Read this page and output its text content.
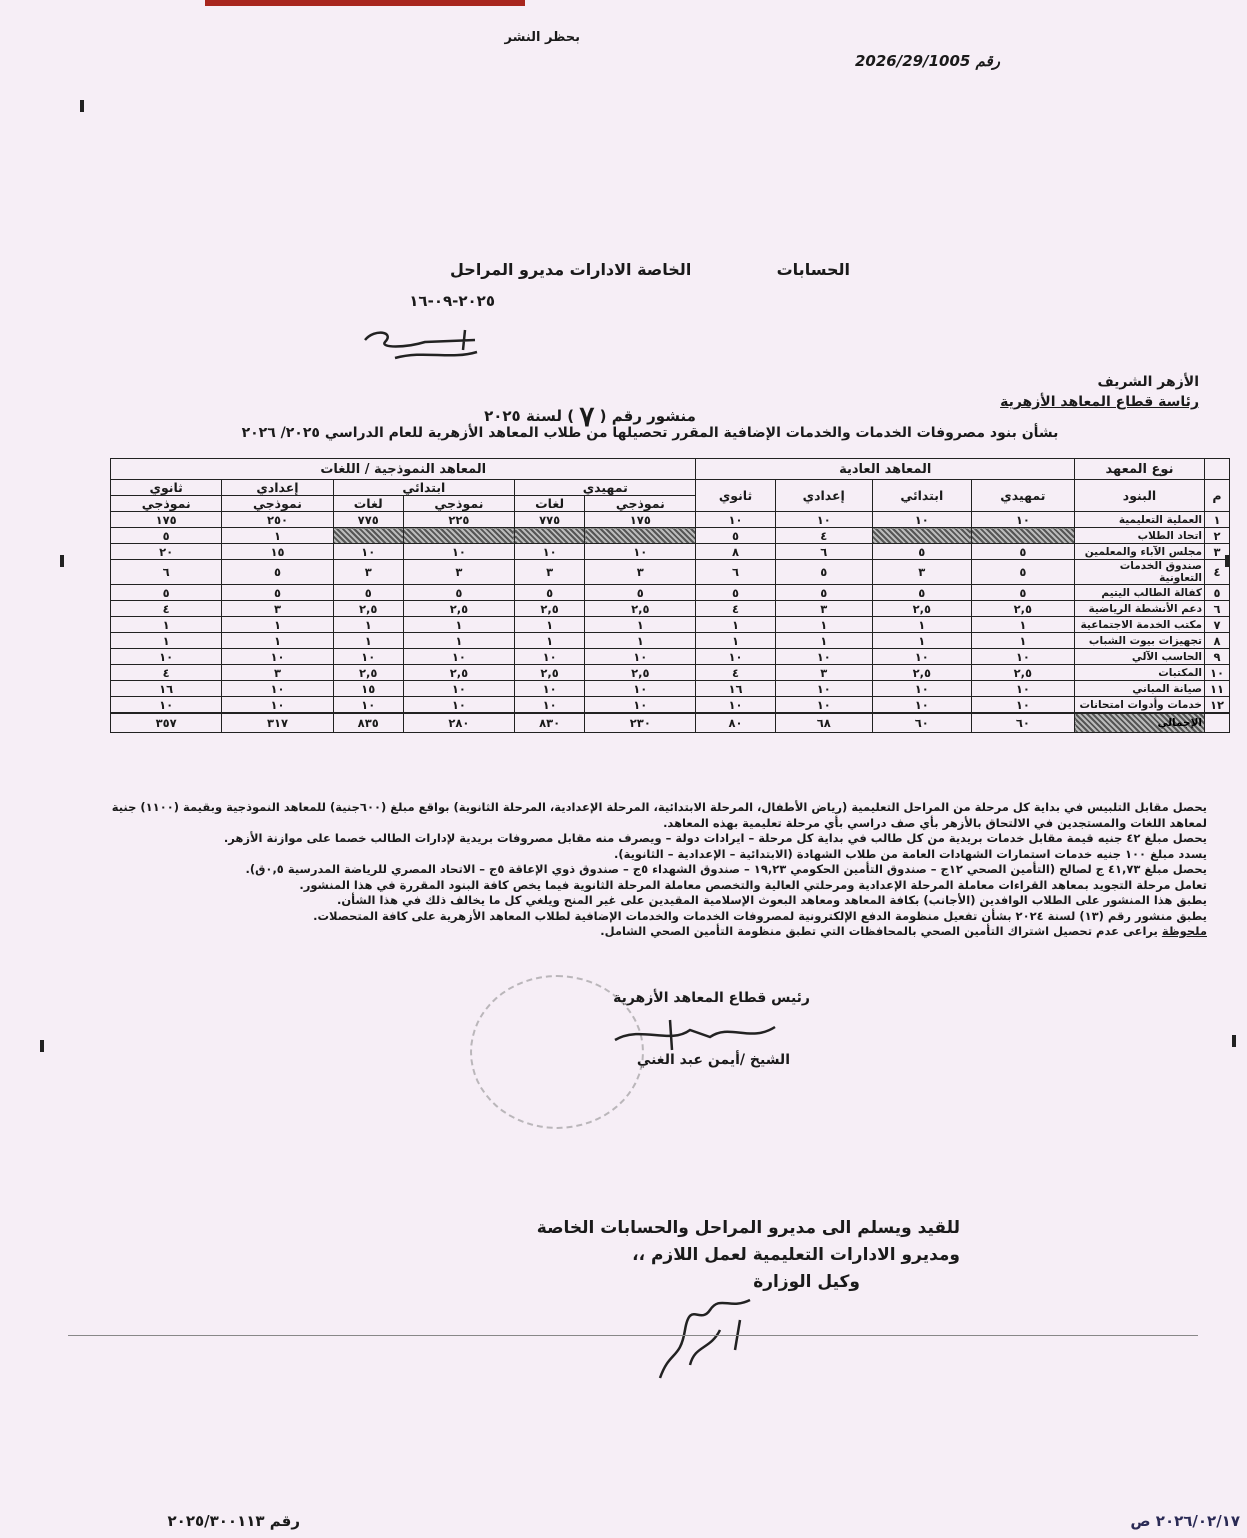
بحظر النشر
2026/29/1005 رقم
الحسابات
الخاصة الادارات مديرو المراحل
٢٠٢٥-٠٩-١٦
الأزهر الشريف
رئاسة قطاع المعاهد الأزهرية
منشور رقم ( ٧ ) لسنة ٢٠٢٥
بشأن بنود مصروفات الخدمات والخدمات الإضافية المقرر تحصيلها من طلاب المعاهد الأزهرية للعام الدراسي ٢٠٢٥/ ٢٠٢٦
	نوع المعهد	المعاهد العادية				المعاهد النموذجية / اللغات					
م	البنود	تمهيدي	ابتدائي	إعدادي	ثانوي	تمهيدي		ابتدائي		إعدادي	ثانوي
						نموذجي	لغات	نموذجي	لغات	نموذجي	نموذجي
١	العملية التعليمية	١٠	١٠	١٠	١٠	١٧٥	٧٧٥	٢٢٥	٧٧٥	٢٥٠	١٧٥
٢	اتحاد الطلاب			٤	٥					١	٥
٣	مجلس الآباء والمعلمين	٥	٥	٦	٨	١٠	١٠	١٠	١٠	١٥	٢٠
٤	صندوق الخدمات التعاونية	٥	٣	٥	٦	٣	٣	٣	٣	٥	٦
٥	كفالة الطالب اليتيم	٥	٥	٥	٥	٥	٥	٥	٥	٥	٥
٦	دعم الأنشطة الرياضية	٢,٥	٢,٥	٣	٤	٢,٥	٢,٥	٢,٥	٢,٥	٣	٤
٧	مكتب الخدمة الاجتماعية	١	١	١	١	١	١	١	١	١	١
٨	تجهيزات بيوت الشباب	١	١	١	١	١	١	١	١	١	١
٩	الحاسب الآلي	١٠	١٠	١٠	١٠	١٠	١٠	١٠	١٠	١٠	١٠
١٠	المكتبات	٢,٥	٢,٥	٣	٤	٢,٥	٢,٥	٢,٥	٢,٥	٣	٤
١١	صيانة المباني	١٠	١٠	١٠	١٦	١٠	١٠	١٠	١٥	١٠	١٦
١٢	خدمات وأدوات امتحانات	١٠	١٠	١٠	١٠	١٠	١٠	١٠	١٠	١٠	١٠
	الإجمالي	٦٠	٦٠	٦٨	٨٠	٢٣٠	٨٣٠	٢٨٠	٨٣٥	٣١٧	٣٥٧

يحصل مقابل التلبيس في بداية كل مرحلة من المراحل التعليمية (رياض الأطفال، المرحلة الابتدائية، المرحلة الإعدادية، المرحلة الثانوية) بواقع مبلغ (٦٠٠جنية) للمعاهد النموذجية وبقيمة (١١٠٠) جنية لمعاهد اللغات والمستجدين في الالتحاق بالأزهر بأي صف دراسي بأي مرحلة تعليمية بهذه المعاهد.

يحصل مبلغ ٤٢ جنيه قيمة مقابل خدمات بريدية من كل طالب في بداية كل مرحلة – ايرادات دولة – ويصرف منه مقابل مصروفات بريدية لإدارات الطالب خصما على موازنة الأزهر.

يسدد مبلغ ١٠٠ جنيه خدمات استمارات الشهادات العامة من طلاب الشهادة (الابتدائية – الإعدادية – الثانوية).

يحصل مبلغ ٤١,٧٣ ج لصالح (التأمين الصحي ١٢ج – صندوق التأمين الحكومي ١٩,٢٣ – صندوق الشهداء ٥ج – صندوق ذوي الإعاقة ٥ج – الاتحاد المصري للرياضة المدرسية ٠,٥ق).

تعامل مرحلة التجويد بمعاهد القراءات معاملة المرحلة الإعدادية ومرحلتي العالية والتخصص معاملة المرحلة الثانوية فيما يخص كافة البنود المقررة في هذا المنشور.

يطبق هذا المنشور على الطلاب الوافدين (الأجانب) بكافة المعاهد ومعاهد البعوث الإسلامية المقيدين على غير المنح ويلغي كل ما يخالف ذلك في هذا الشأن.

يطبق منشور رقم (١٣) لسنة ٢٠٢٤ بشأن تفعيل منظومة الدفع الإلكترونية لمصروفات الخدمات والخدمات الإضافية لطلاب المعاهد الأزهرية على كافة المتحصلات.

ملحوظة يراعى عدم تحصيل اشتراك التأمين الصحي بالمحافظات التي تطبق منظومة التأمين الصحي الشامل.

رئيس قطاع المعاهد الأزهرية
الشيخ /أيمن عبد الغني
للقيد ويسلم الى مديرو المراحل والحسابات الخاصة
ومديرو الادارات التعليمية لعمل اللازم ،،
وكيل الوزارة
رقم ٢٠٢٥/٣٠٠١١٣	٢٠٢٦/٠٢/١٧ ص
